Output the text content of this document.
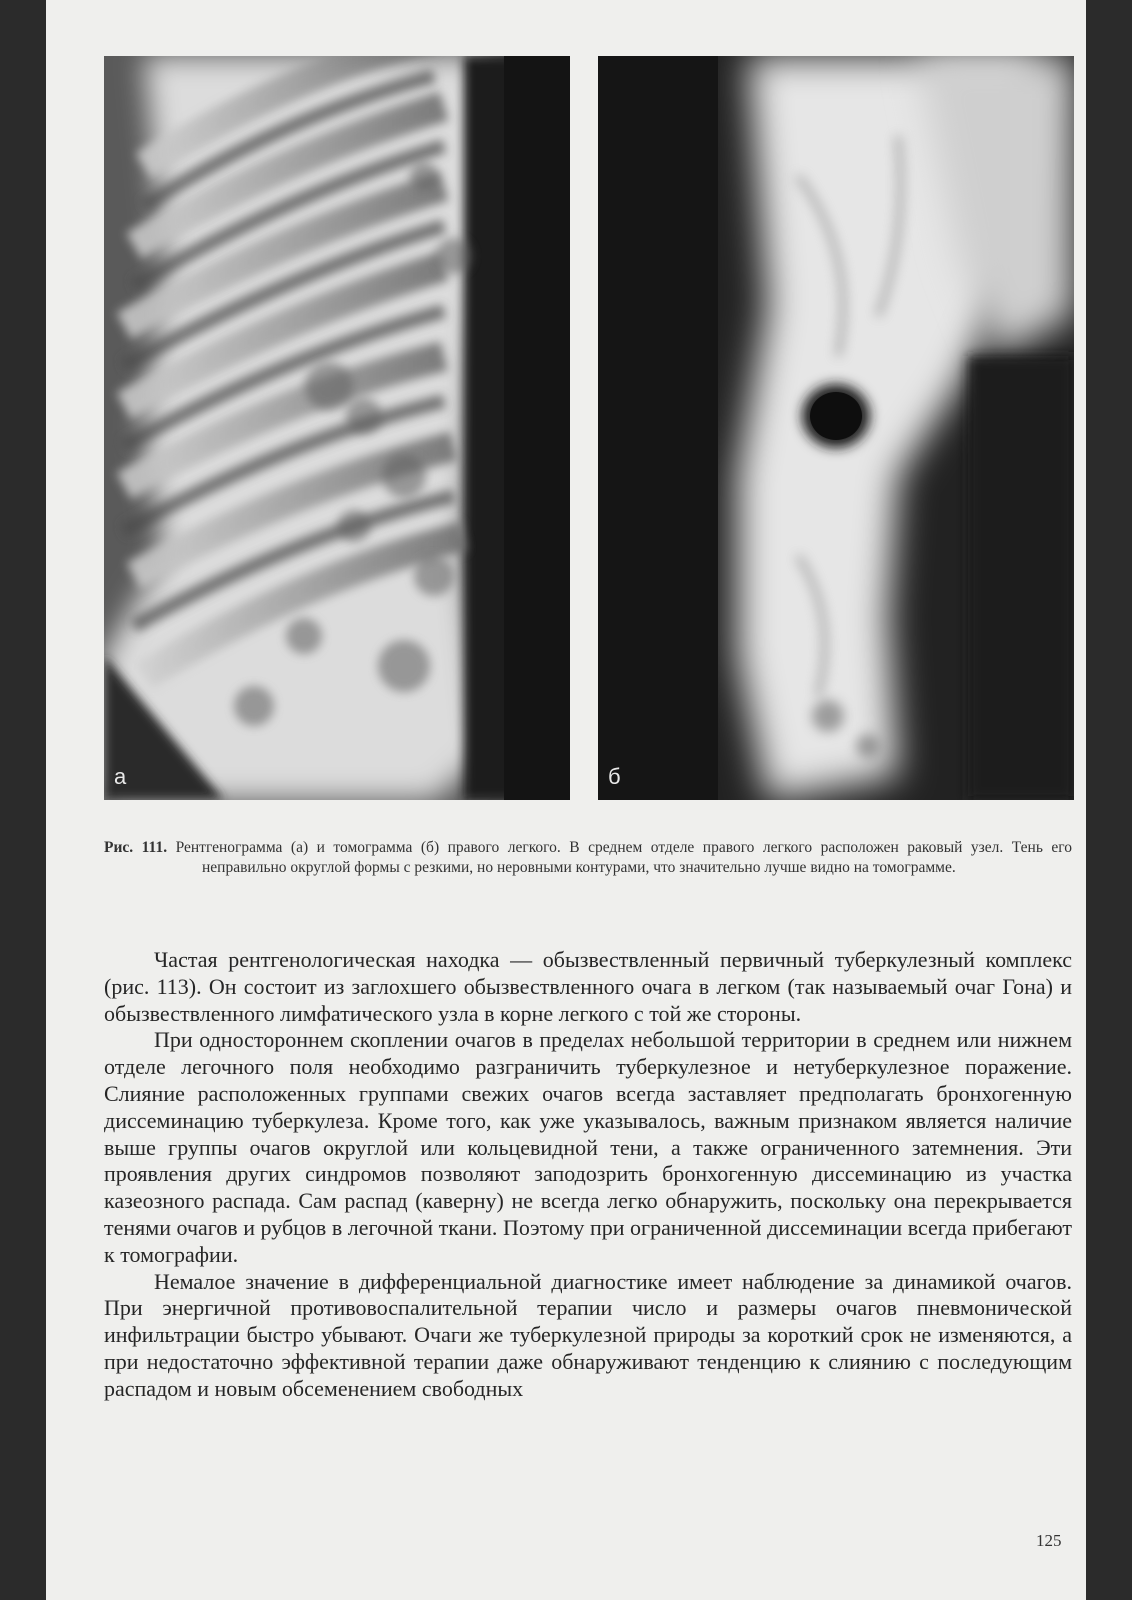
а	б
Рис. 111. Рентгенограмма (а) и томограмма (б) правого легкого. В среднем отделе правого легкого расположен раковый узел. Тень его неправильно округлой формы с резкими, но неровными контурами, что значительно лучше видно на томограмме.

Частая рентгенологическая находка — обызвествленный первичный туберкулезный комплекс (рис. 113). Он состоит из заглохшего обызвествленного очага в легком (так называемый очаг Гона) и обызвествленного лимфатического узла в корне легкого с той же стороны.

При одностороннем скоплении очагов в пределах небольшой территории в среднем или нижнем отделе легочного поля необходимо разграничить туберкулезное и нетуберкулезное поражение. Слияние расположенных группами свежих очагов всегда заставляет предполагать бронхогенную диссеминацию туберкулеза. Кроме того, как уже указывалось, важным признаком является наличие выше группы очагов округлой или кольцевидной тени, а также ограниченного затемнения. Эти проявления других синдромов позволяют заподозрить бронхогенную диссеминацию из участка казеозного распада. Сам распад (каверну) не всегда легко обнаружить, поскольку она перекрывается тенями очагов и рубцов в легочной ткани. Поэтому при ограниченной диссеминации всегда прибегают к томографии.

Немалое значение в дифференциальной диагностике имеет наблюдение за динамикой очагов. При энергичной противовоспалительной терапии число и размеры очагов пневмонической инфильтрации быстро убывают. Очаги же туберкулезной природы за короткий срок не изменяются, а при недостаточно эффективной терапии даже обнаруживают тенденцию к слиянию с последующим распадом и новым обсеменением свободных

125
